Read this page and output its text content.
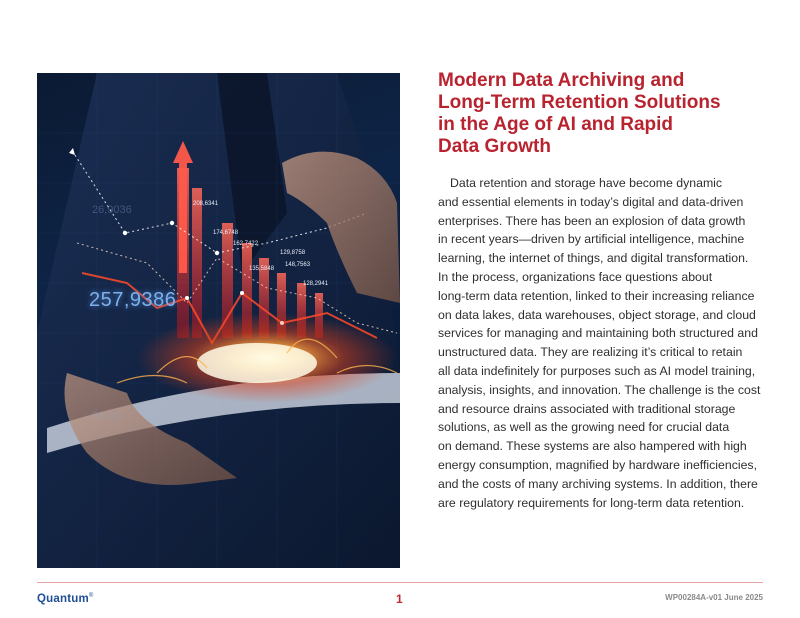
26,9036
257,9386
86,20
208,6341
174,6748
162,7422
129,8758
148,7563
135,5848
128,2941
Modern Data Archiving and
Long-Term Retention Solutions
in the Age of AI and Rapid
Data Growth
Data retention and storage have become dynamic
and essential elements in today’s digital and data-driven
enterprises. There has been an explosion of data growth
in recent years—driven by artificial intelligence, machine
learning, the internet of things, and digital transformation.
In the process, organizations face questions about
long-term data retention, linked to their increasing reliance
on data lakes, data warehouses, object storage, and cloud
services for managing and maintaining both structured and
unstructured data. They are realizing it’s critical to retain
all data indefinitely for purposes such as AI model training,
analysis, insights, and innovation. The challenge is the cost
and resource drains associated with traditional storage
solutions, as well as the growing need for crucial data
on demand. These systems are also hampered with high
energy consumption, magnified by hardware inefficiencies,
and the costs of many archiving systems. In addition, there
are regulatory requirements for long-term data retention.
Quantum®	1	WP00284A-v01 June 2025
